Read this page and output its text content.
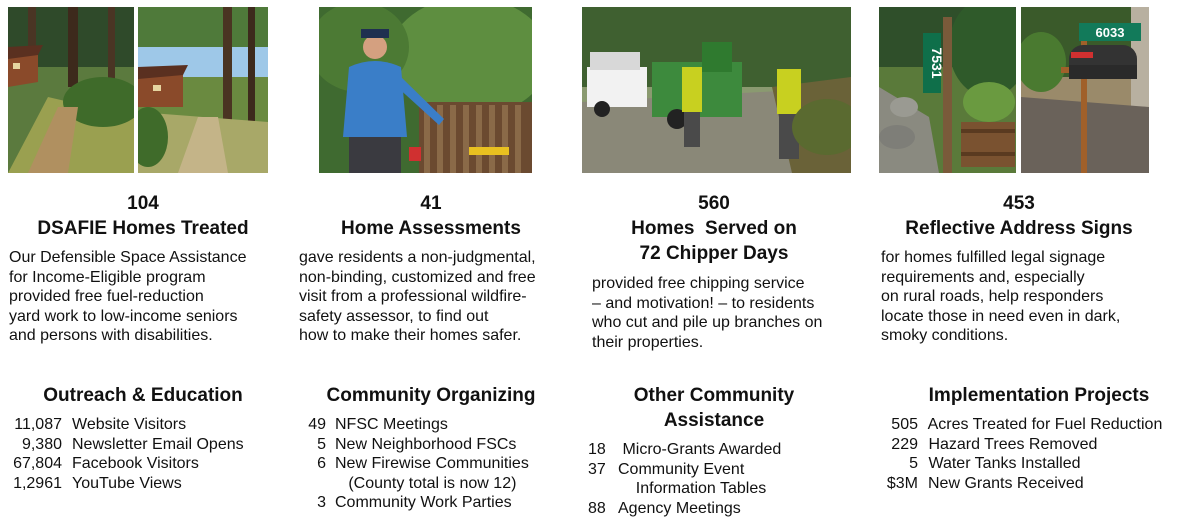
7531
6033
104
DSAFIE Homes Treated
41
Home Assessments
560
Homes  Served on
72 Chipper Days
453
Reflective Address Signs
Our Defensible Space Assistance
for Income-Eligible program
provided free fuel-reduction
yard work to low-income seniors
and persons with disabilities.
gave residents a non-judgmental,
non-binding, customized and free
visit from a professional wildfire-
safety assessor, to find out
how to make their homes safer.
provided free chipping service
– and motivation! – to residents
who cut and pile up branches on
their properties.
for homes fulfilled legal signage
requirements and, especially
on rural roads, help responders
locate those in need even in dark,
smoky conditions.
Outreach & Education	Community Organizing	Other Community
Assistance
Implementation Projects
11,087 Website Visitors
9,380 Newsletter Email Opens
67,804 Facebook Visitors
1,2961 YouTube Views
49 NFSC Meetings
5 New Neighborhood FSCs
6 New Firewise Communities
(County total is now 12)
3 Community Work Parties
18 Micro-Grants Awarded
37 Community Event
Information Tables
88 Agency Meetings
505 Acres Treated for Fuel Reduction
229 Hazard Trees Removed
5 Water Tanks Installed
$3M New Grants Received
